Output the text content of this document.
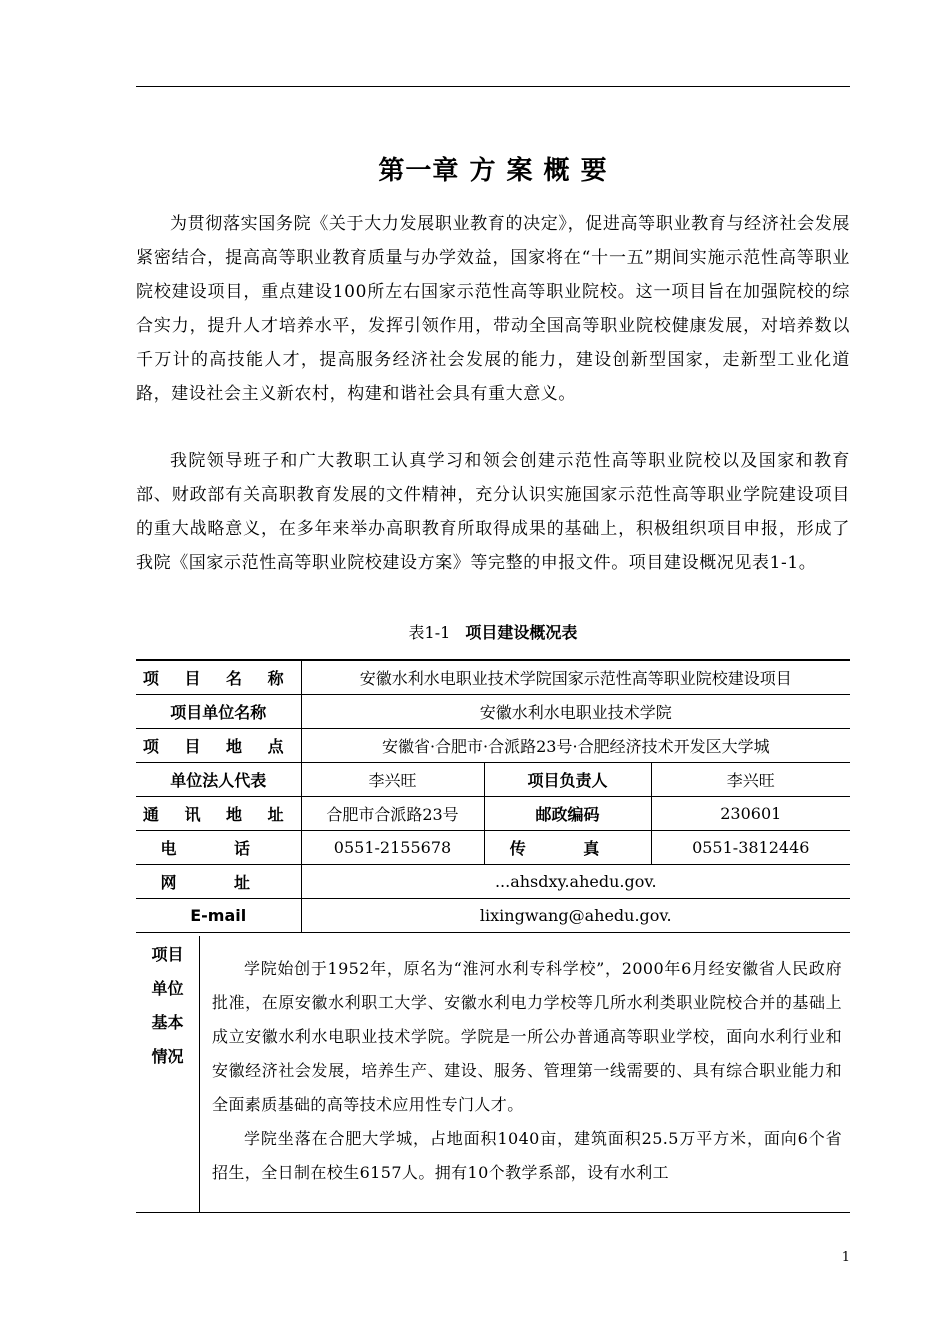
第一章 方 案 概 要

为贯彻落实国务院《关于大力发展职业教育的决定》，促进高等职业教育与经济社会发展紧密结合，提高高等职业教育质量与办学效益，国家将在“十一五”期间实施示范性高等职业院校建设项目，重点建设100所左右国家示范性高等职业院校。这一项目旨在加强院校的综合实力，提升人才培养水平，发挥引领作用，带动全国高等职业院校健康发展，对培养数以千万计的高技能人才，提高服务经济社会发展的能力，建设创新型国家，走新型工业化道路，建设社会主义新农村，构建和谐社会具有重大意义。

我院领导班子和广大教职工认真学习和领会创建示范性高等职业院校以及国家和教育部、财政部有关高职教育发展的文件精神，充分认识实施国家示范性高等职业学院建设项目的重大战略意义，在多年来举办高职教育所取得成果的基础上，积极组织项目申报，形成了我院《国家示范性高等职业院校建设方案》等完整的申报文件。项目建设概况见表1-1。

表1-1 项目建设概况表
项 目 名 称	安徽水利水电职业技术学院国家示范性高等职业院校建设项目		
项目单位名称	安徽水利水电职业技术学院		
项 目 地 点	安徽省·合肥市·合派路23号·合肥经济技术开发区大学城		
单位法人代表	李兴旺	项目负责人	李兴旺
通 讯 地 址	合肥市合派路23号	邮政编码	230601
电 话	0551-2155678	传 真	0551-3812446
网 址	...ahsdxy.ahedu.gov.		
E-mail	lixingwang@ahedu.gov.		
项目
单位
基本
情况

学院始创于1952年，原名为“淮河水利专科学校”，2000年6月经安徽省人民政府批准，在原安徽水利职工大学、安徽水利电力学校等几所水利类职业院校合并的基础上成立安徽水利水电职业技术学院。学院是一所公办普通高等职业学校，面向水利行业和安徽经济社会发展，培养生产、建设、服务、管理第一线需要的、具有综合职业能力和全面素质基础的高等技术应用性专门人才。

学院坐落在合肥大学城，占地面积1040亩，建筑面积25.5万平方米，面向6个省招生，全日制在校生6157人。拥有10个教学系部，设有水利工

1
